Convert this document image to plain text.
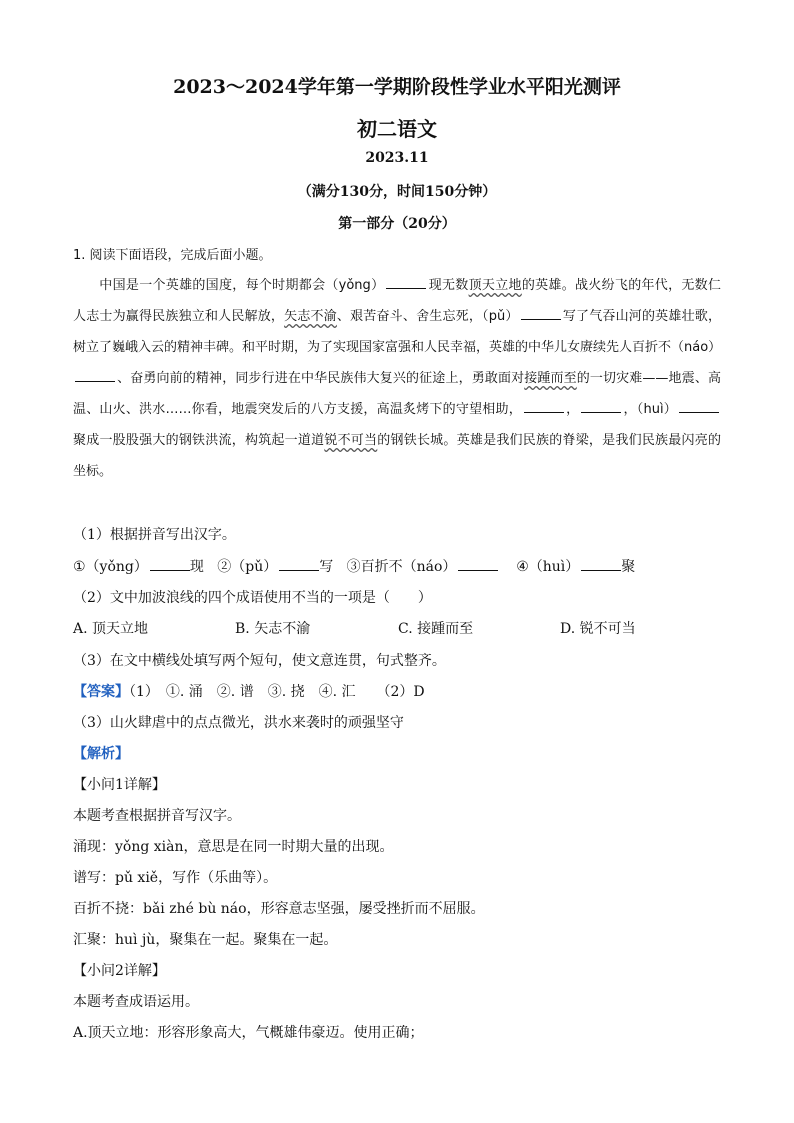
2023～2024学年第一学期阶段性学业水平阳光测评
初二语文
2023.11
（满分130分，时间150分钟）
第一部分（20分）
1. 阅读下面语段，完成后面小题。
中国是一个英雄的国度，每个时期都会（yǒng）	现无数顶天立地的英雄。战火纷飞的年代，无数仁人志士为赢得民族独立和人民解放，矢志不渝、艰苦奋斗、舍生忘死，（pǔ）	写了气吞山河的英雄壮歌，树立了巍峨入云的精神丰碑。和平时期，为了实现国家富强和人民幸福，英雄的中华儿女赓续先人百折不（náo）、奋勇向前的精神，同步行进在中华民族伟大复兴的征途上，勇敢面对接踵而至的一切灾难——地震、高温、山火、洪水……你看，地震突发后的八方支援，高温炙烤下的守望相助，	，	，（huì）聚成一股股强大的钢铁洪流，构筑起一道道锐不可当的钢铁长城。英雄是我们民族的脊梁，是我们民族最闪亮的坐标。
（1）根据拼音写出汉字。
①（yǒng）	现 ②（pǔ）	写 ③百折不（náo）	④（huì）	聚
（2）文中加波浪线的四个成语使用不当的一项是（　　）
A. 顶天立地	B. 矢志不渝	C. 接踵而至	D. 锐不可当
（3）在文中横线处填写两个短句，使文意连贯，句式整齐。
【答案】（1）　①. 涌　②. 谱　③. 挠　④. 汇　　（2）D
（3）山火肆虐中的点点微光，洪水来袭时的顽强坚守
【解析】
【小问1详解】
本题考查根据拼音写汉字。
涌现：yǒng xiàn，意思是在同一时期大量的出现。
谱写：pǔ xiě，写作（乐曲等）。
百折不挠：bǎi zhé bù náo，形容意志坚强，屡受挫折而不屈服。
汇聚：huì jù，聚集在一起。聚集在一起。
【小问2详解】
本题考查成语运用。
A.顶天立地：形容形象高大，气概雄伟豪迈。使用正确；
